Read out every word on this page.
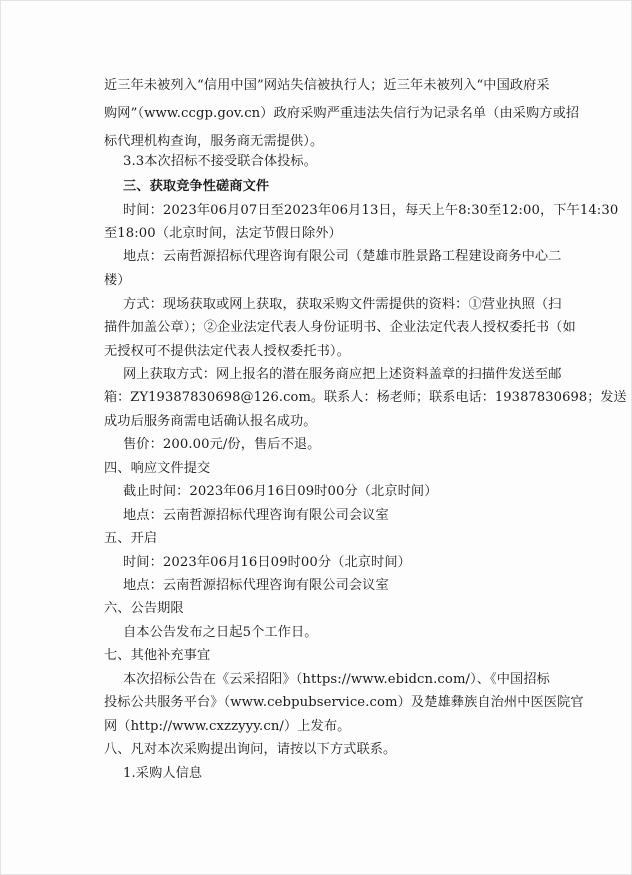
近三年未被列入“信用中国”网站失信被执行人；近三年未被列入“中国政府采
购网”（www.ccgp.gov.cn）政府采购严重违法失信行为记录名单（由采购方或招
标代理机构查询，服务商无需提供）。
3.3本次招标不接受联合体投标。
三、获取竞争性磋商文件
时间：2023年06月07日至2023年06月13日，每天上午8:30至12:00，下午14:30
至18:00（北京时间，法定节假日除外）
地点：云南哲源招标代理咨询有限公司（楚雄市胜景路工程建设商务中心二
楼）
方式：现场获取或网上获取，获取采购文件需提供的资料：①营业执照（扫
描件加盖公章）；②企业法定代表人身份证明书、企业法定代表人授权委托书（如
无授权可不提供法定代表人授权委托书）。
网上获取方式：网上报名的潜在服务商应把上述资料盖章的扫描件发送至邮
箱：ZY19387830698@126.com。联系人：杨老师；联系电话：19387830698；发送
成功后服务商需电话确认报名成功。
售价：200.00元/份，售后不退。
四、响应文件提交
截止时间：2023年06月16日09时00分（北京时间）
地点：云南哲源招标代理咨询有限公司会议室
五、开启
时间：2023年06月16日09时00分（北京时间）
地点：云南哲源招标代理咨询有限公司会议室
六、公告期限
自本公告发布之日起5个工作日。
七、其他补充事宜
本次招标公告在《云采招阳》（https://www.ebidcn.com/）、《中国招标
投标公共服务平台》（www.cebpubservice.com）及楚雄彝族自治州中医医院官
网（http://www.cxzzyyy.cn/）上发布。
八、凡对本次采购提出询问，请按以下方式联系。
1.采购人信息
